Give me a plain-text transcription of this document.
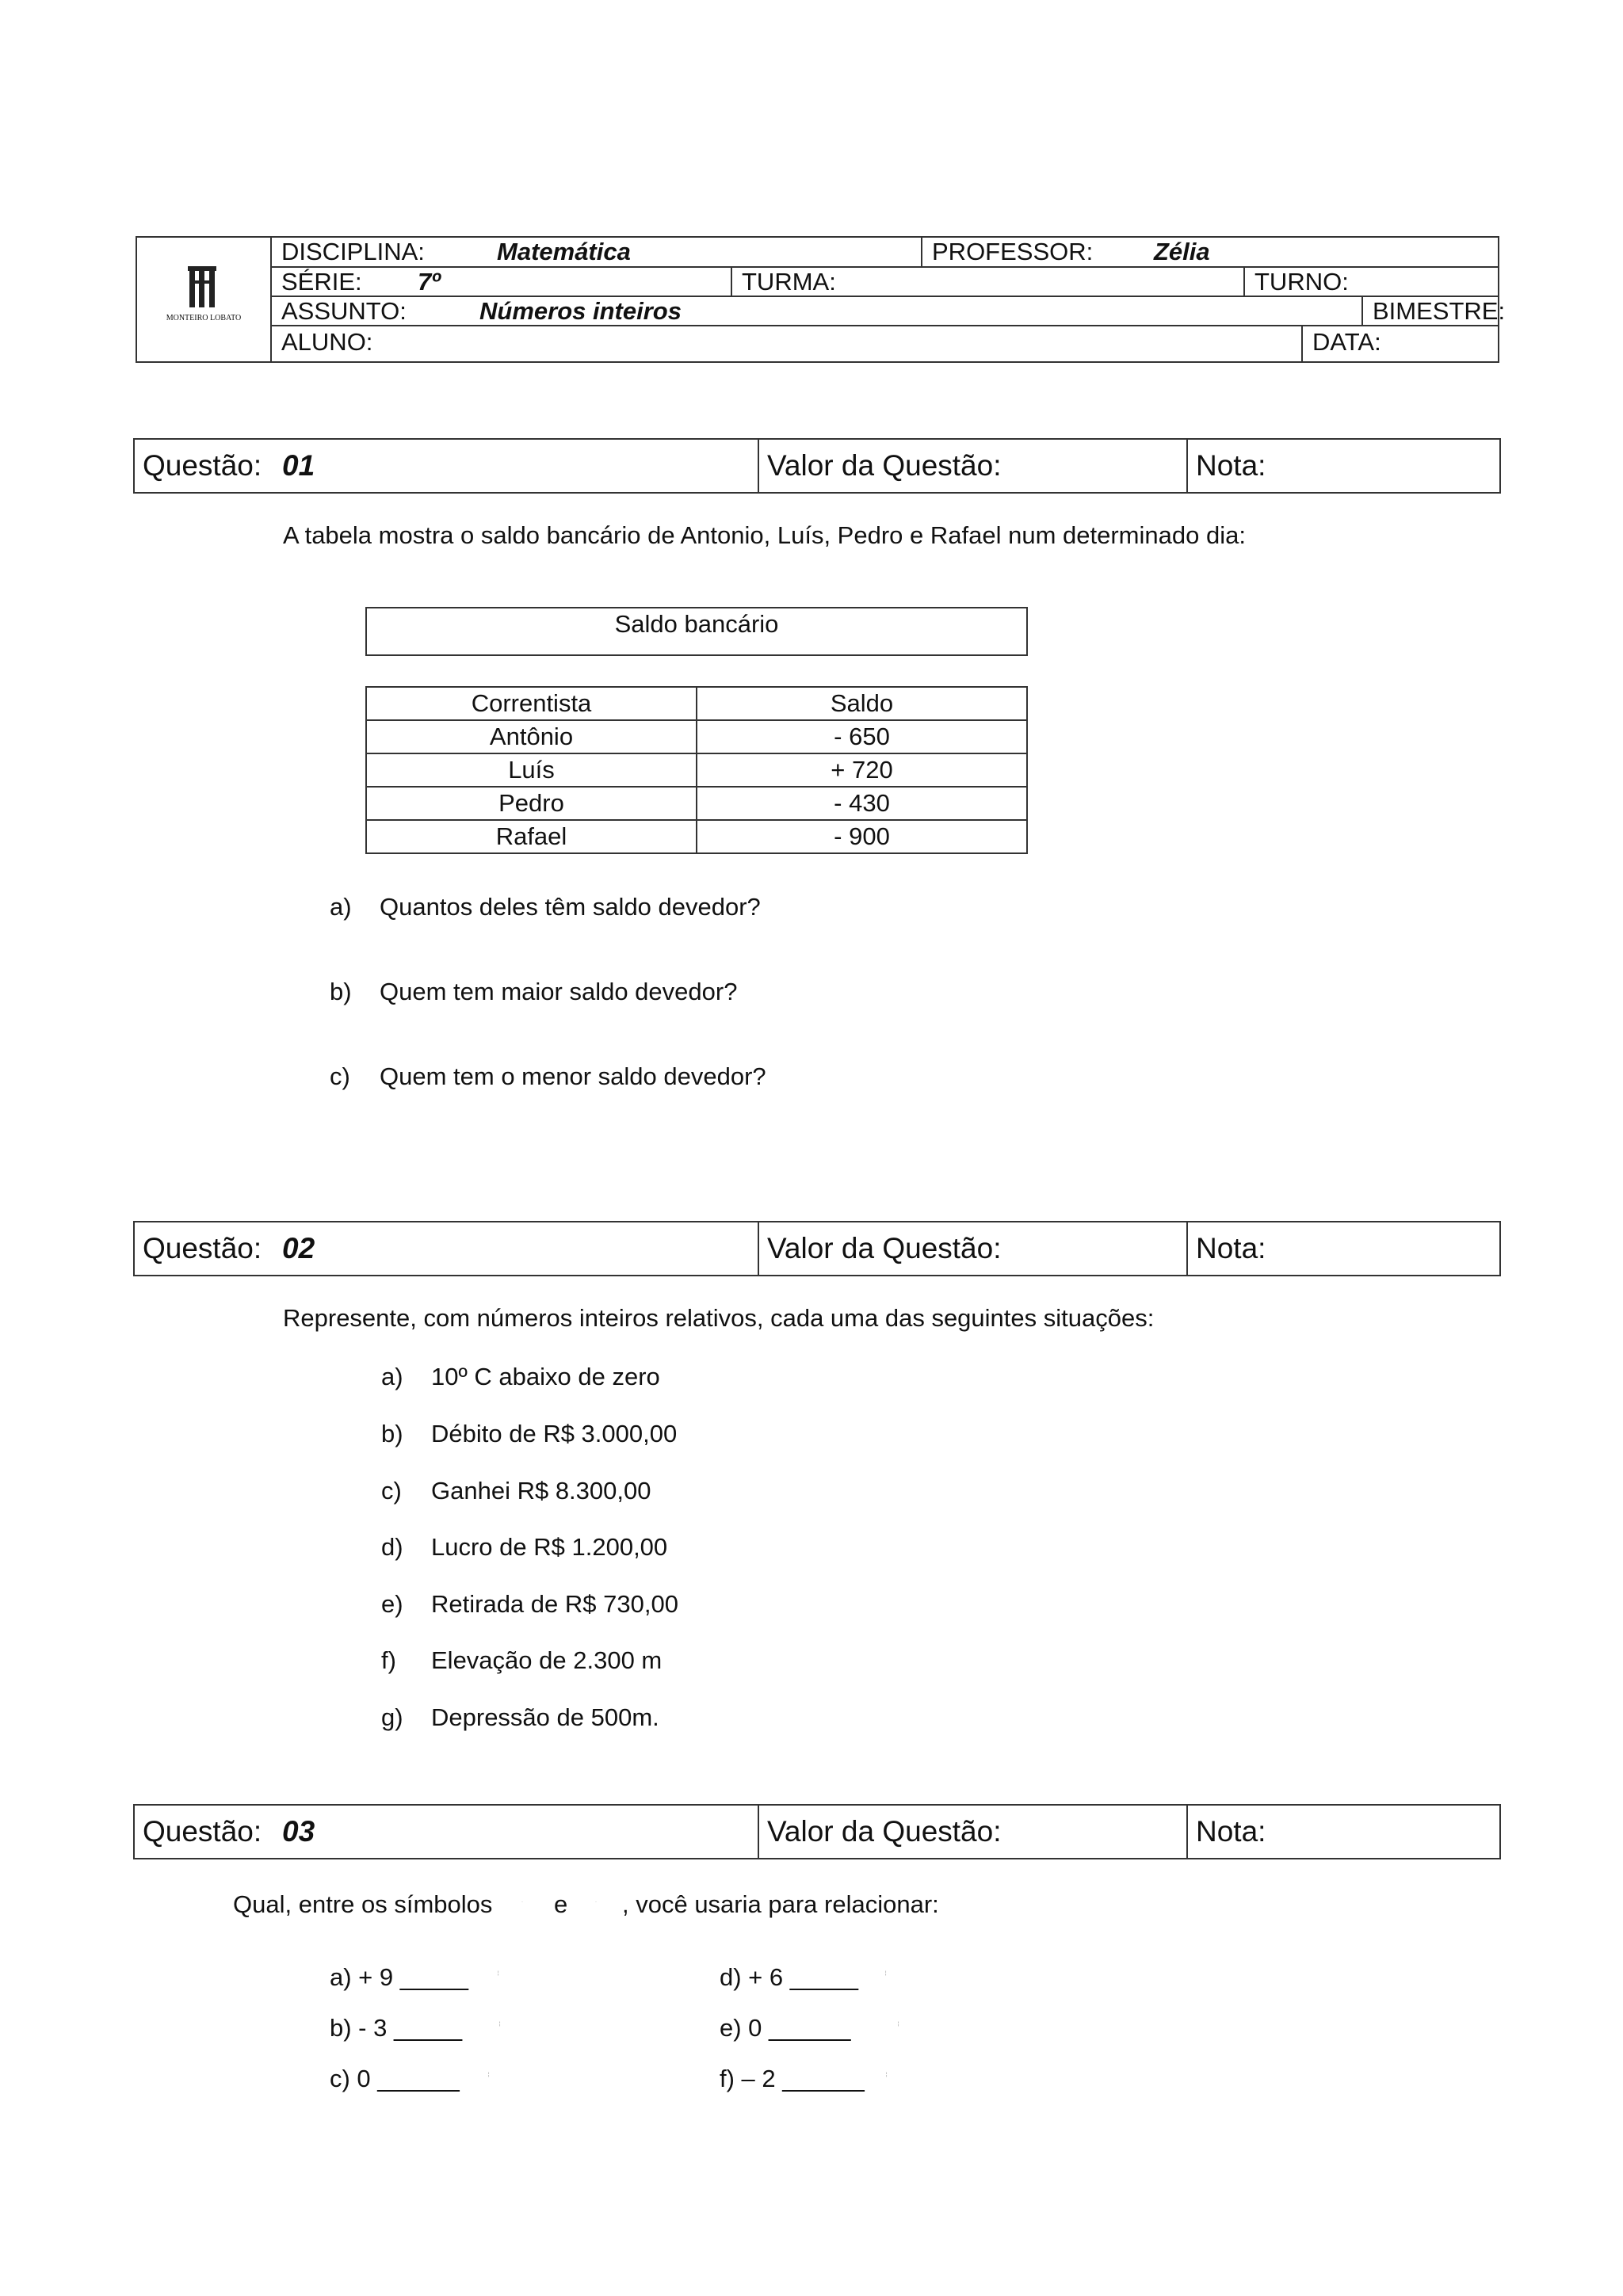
MONTEIRO LOBATO
DISCIPLINA:	Matemática	PROFESSOR:	Zélia
SÉRIE:	7º	TURMA:	TURNO:
ASSUNTO:	Números inteiros	BIMESTRE:
ALUNO:	DATA:
Questão: 01	Valor da Questão:	Nota:
A tabela mostra o saldo bancário de Antonio, Luís, Pedro e Rafael num determinado dia:
Saldo bancário
Correntista	Saldo
Antônio	- 650
Luís	+ 720
Pedro	- 430
Rafael	- 900
a) Quantos deles têm saldo devedor?
b) Quem tem maior saldo devedor?
c) Quem tem o menor saldo devedor?
Questão: 02	Valor da Questão:	Nota:
Represente, com números inteiros relativos, cada uma das seguintes situações:
a) 10º C abaixo de zero
b) Débito de R$ 3.000,00
c) Ganhei R$ 8.300,00
d) Lucro de R$ 1.200,00
e) Retirada de R$ 730,00
f) Elevação de 2.300 m
g) Depressão de 500m.
Questão: 03	Valor da Questão:	Nota:
Qual, entre os símbolos	· e	· , você usaria para relacionar:
a) + 9 _____	¦
b) - 3 _____	¦
c) 0 ______	¦
d) + 6 _____	¦
e) 0 ______	¦
f) – 2 ______	¦
